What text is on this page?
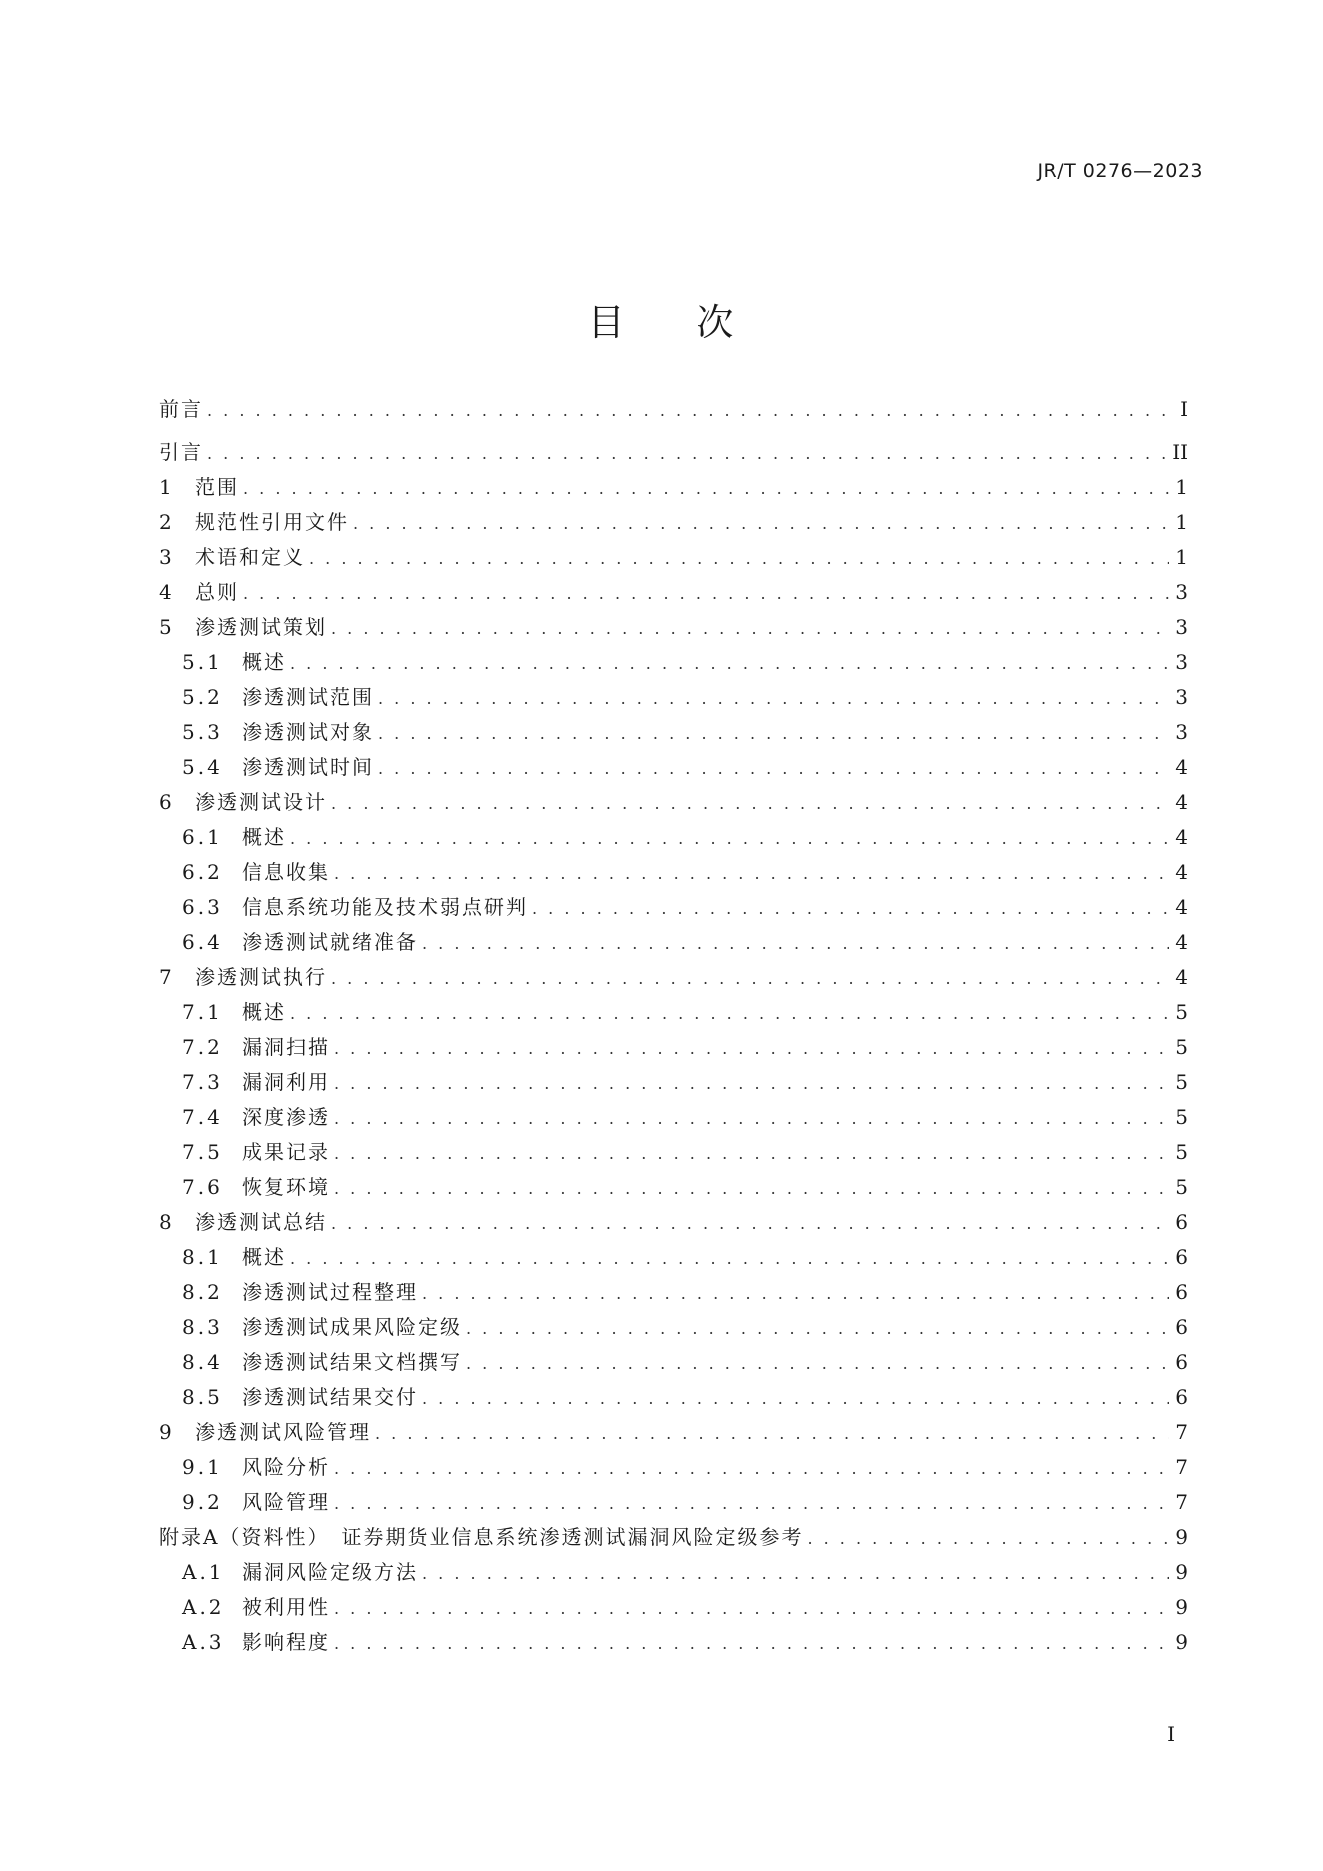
JR/T 0276—2023
目 次
前言 . . .	I
引言 . . .	II
1	范围 . . .	1
2	规范性引用文件 . . .	1
3	术语和定义 . . .	1
4	总则 . . .	3
5	渗透测试策划 . . .	3
5.1 概述 . . .	3
5.2 渗透测试范围 . . .	3
5.3 渗透测试对象 . . .	3
5.4 渗透测试时间 . . .	4
6	渗透测试设计 . . .	4
6.1 概述 . . .	4
6.2 信息收集 . . .	4
6.3 信息系统功能及技术弱点研判 . . .	4
6.4 渗透测试就绪准备 . . .	4
7	渗透测试执行 . . .	4
7.1 概述 . . .	5
7.2 漏洞扫描 . . .	5
7.3 漏洞利用 . . .	5
7.4 深度渗透 . . .	5
7.5 成果记录 . . .	5
7.6 恢复环境 . . .	5
8	渗透测试总结 . . .	6
8.1 概述 . . .	6
8.2 渗透测试过程整理 . . .	6
8.3 渗透测试成果风险定级 . . .	6
8.4 渗透测试结果文档撰写 . . .	6
8.5 渗透测试结果交付 . . .	6
9	渗透测试风险管理 . . .	7
9.1 风险分析 . . .	7
9.2 风险管理 . . .	7
附录A（资料性）　证券期货业信息系统渗透测试漏洞风险定级参考 . . .	9
A.1 漏洞风险定级方法 . . .	9
A.2 被利用性 . . .	9
A.3 影响程度 . . .	9
I
